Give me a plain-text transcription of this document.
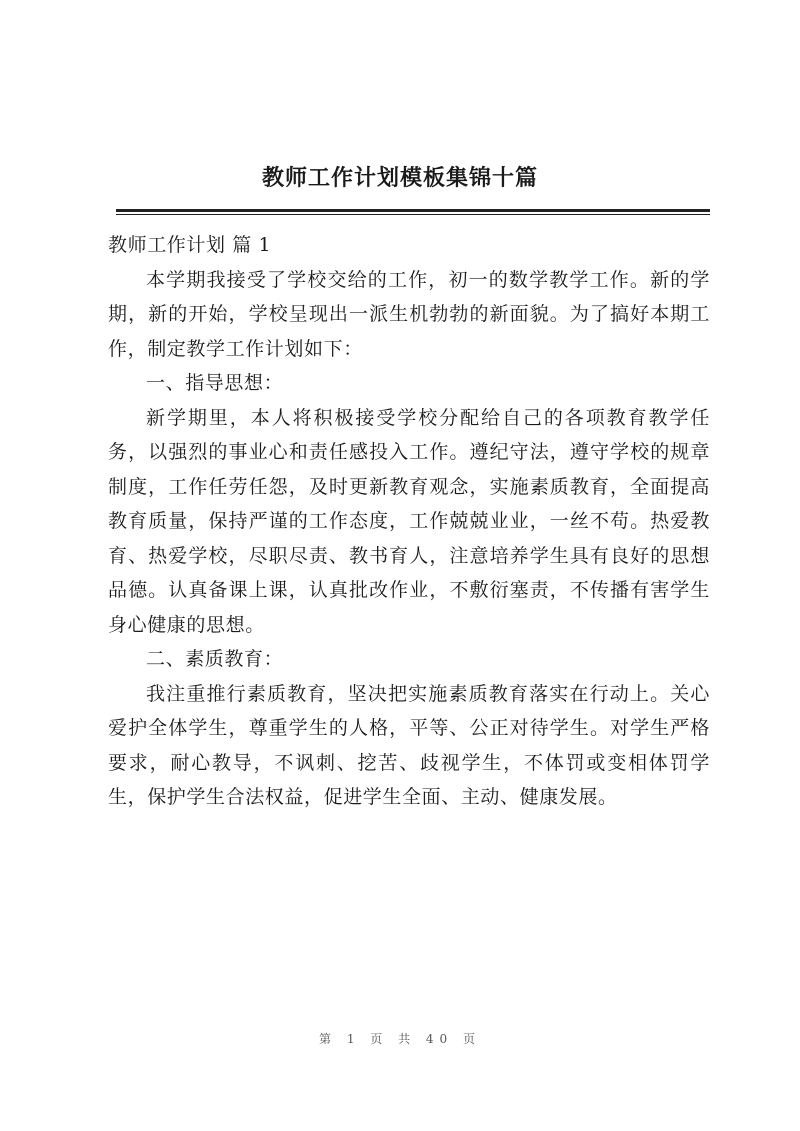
教师工作计划模板集锦十篇

教师工作计划 篇 1

本学期我接受了学校交给的工作，初一的数学教学工作。新的学期，新的开始，学校呈现出一派生机勃勃的新面貌。为了搞好本期工作，制定教学工作计划如下：

一、指导思想：

新学期里，本人将积极接受学校分配给自己的各项教育教学任务，以强烈的事业心和责任感投入工作。遵纪守法，遵守学校的规章制度，工作任劳任怨，及时更新教育观念，实施素质教育，全面提高教育质量，保持严谨的工作态度，工作兢兢业业，一丝不苟。热爱教育、热爱学校，尽职尽责、教书育人，注意培养学生具有良好的思想品德。认真备课上课，认真批改作业，不敷衍塞责，不传播有害学生身心健康的思想。

二、素质教育：

我注重推行素质教育，坚决把实施素质教育落实在行动上。关心爱护全体学生，尊重学生的人格，平等、公正对待学生。对学生严格要求，耐心教导，不讽刺、挖苦、歧视学生，不体罚或变相体罚学生，保护学生合法权益，促进学生全面、主动、健康发展。

第 1 页 共 40 页
